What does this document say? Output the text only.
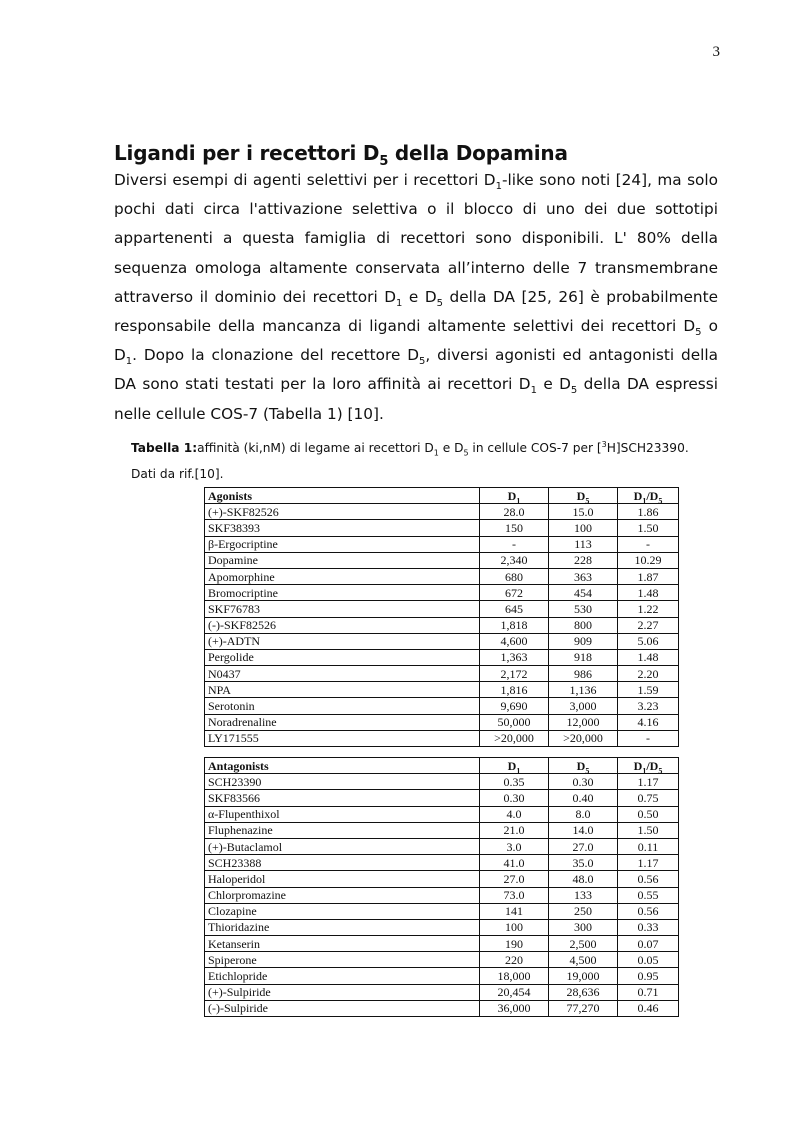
3
Ligandi per i recettori $D_5$ della Dopamina
Diversi esempi di agenti selettivi per i recettori $D_1$-like sono noti [24], ma solo
pochi dati circa l'attivazione selettiva o il blocco di uno dei due sottotipi
appartenenti a questa famiglia di recettori sono disponibili. L' 80% della
sequenza omologa altamente conservata all’interno delle 7 transmembrane
attraverso il dominio dei recettori $D_1$ e $D_5$ della DA [25, 26] è probabilmente
responsabile della mancanza di ligandi altamente selettivi dei recettori $D_5$ o
$D_1$. Dopo la clonazione del recettore $D_5$, diversi agonisti ed antagonisti della
DA sono stati testati per la loro affinità ai recettori $D_1$ e $D_5$ della DA espressi
nelle cellule COS-7 (Tabella 1) [10].
Tabella 1:affinità (ki,nM) di legame ai recettori $D_1$ e $D_5$ in cellule COS-7 per [$^3$H]SCH23390.
Dati da rif.[10].
Agonists	$D_1$	$D_5$	$D_1/D_5$
(+)-SKF82526	28.0	15.0	1.86
SKF38393	150	100	1.50
β-Ergocriptine	-	113	-
Dopamine	2,340	228	10.29
Apomorphine	680	363	1.87
Bromocriptine	672	454	1.48
SKF76783	645	530	1.22
(-)-SKF82526	1,818	800	2.27
(+)-ADTN	4,600	909	5.06
Pergolide	1,363	918	1.48
N0437	2,172	986	2.20
NPA	1,816	1,136	1.59
Serotonin	9,690	3,000	3.23
Noradrenaline	50,000	12,000	4.16
LY171555	>20,000	>20,000	-
Antagonists	$D_1$	$D_5$	$D_1/D_5$
SCH23390	0.35	0.30	1.17
SKF83566	0.30	0.40	0.75
α-Flupenthixol	4.0	8.0	0.50
Fluphenazine	21.0	14.0	1.50
(+)-Butaclamol	3.0	27.0	0.11
SCH23388	41.0	35.0	1.17
Haloperidol	27.0	48.0	0.56
Chlorpromazine	73.0	133	0.55
Clozapine	141	250	0.56
Thioridazine	100	300	0.33
Ketanserin	190	2,500	0.07
Spiperone	220	4,500	0.05
Etichlopride	18,000	19,000	0.95
(+)-Sulpiride	20,454	28,636	0.71
(-)-Sulpiride	36,000	77,270	0.46
